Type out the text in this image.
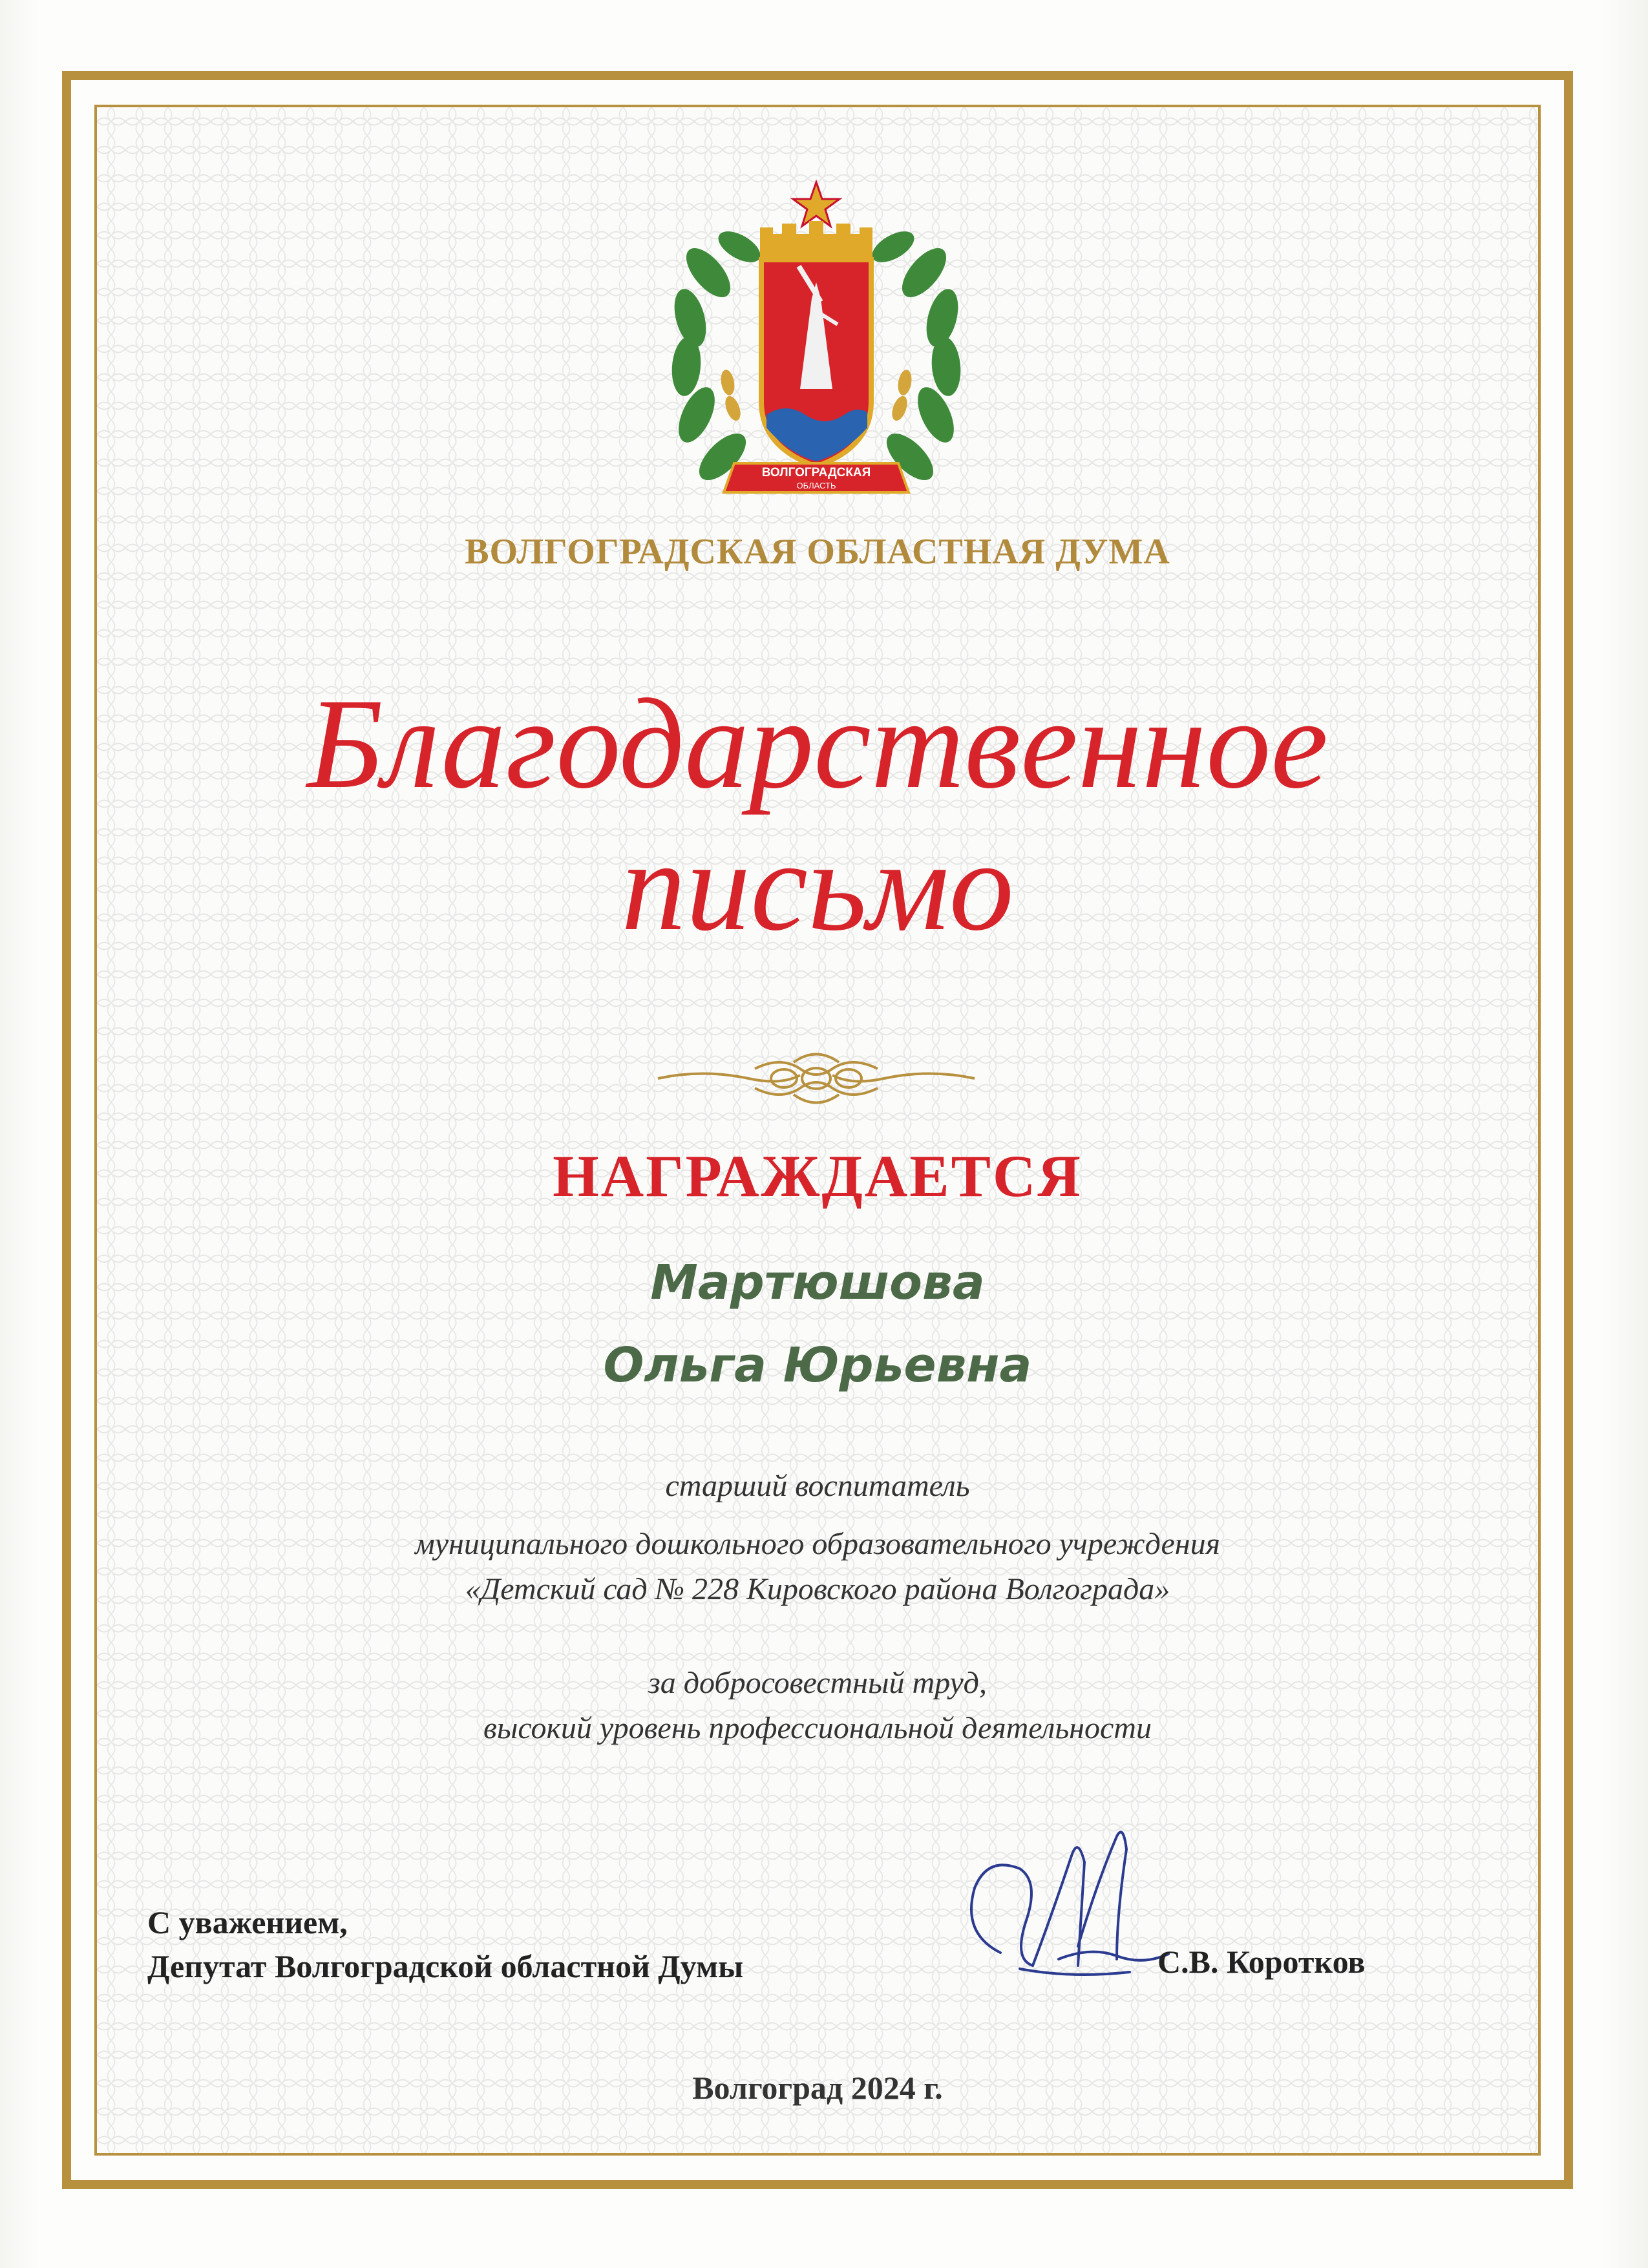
ВОЛГОГРАДСКАЯ
ОБЛАСТЬ
ВОЛГОГРАДСКАЯ ОБЛАСТНАЯ ДУМА
Благодарственное
письмо
НАГРАЖДАЕТСЯ
Мартюшова
Ольга Юрьевна
старший воспитатель
муниципального дошкольного образовательного учреждения
«Детский сад № 228 Кировского района Волгограда»
за добросовестный труд,
высокий уровень профессиональной деятельности
С уважением,
Депутат Волгоградской областной Думы	С.В. Коротков
Волгоград 2024 г.
